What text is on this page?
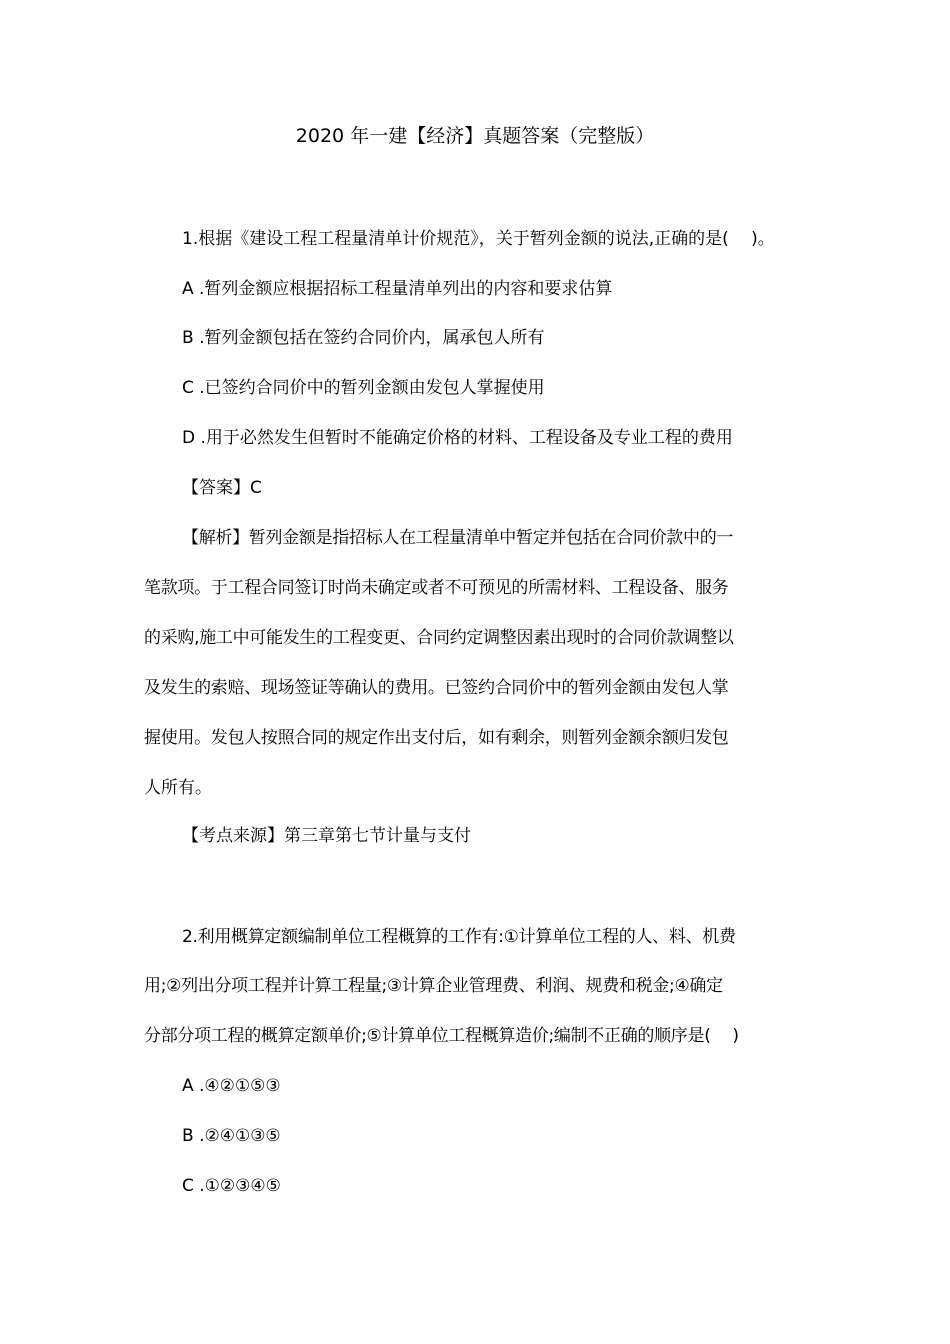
2020 年一建【经济】真题答案（完整版）
1.根据《建设工程工程量清单计价规范》，关于暂列金额的说法,正确的是(　 )。
A .暂列金额应根据招标工程量清单列出的内容和要求估算
B .暂列金额包括在签约合同价内，属承包人所有
C .已签约合同价中的暂列金额由发包人掌握使用
D .用于必然发生但暂时不能确定价格的材料、工程设备及专业工程的费用
【答案】C
【解析】暂列金额是指招标人在工程量清单中暂定并包括在合同价款中的一
笔款项。于工程合同签订时尚未确定或者不可预见的所需材料、工程设备、服务
的采购,施工中可能发生的工程变更、合同约定调整因素出现时的合同价款调整以
及发生的索赔、现场签证等确认的费用。已签约合同价中的暂列金额由发包人掌
握使用。发包人按照合同的规定作出支付后，如有剩余，则暂列金额余额归发包
人所有。
【考点来源】第三章第七节计量与支付
2.利用概算定额编制单位工程概算的工作有:①计算单位工程的人、料、机费
用;②列出分项工程并计算工程量;③计算企业管理费、利润、规费和税金;④确定
分部分项工程的概算定额单价;⑤计算单位工程概算造价;编制不正确的顺序是(　 )
A .④②①⑤③
B .②④①③⑤
C .①②③④⑤
